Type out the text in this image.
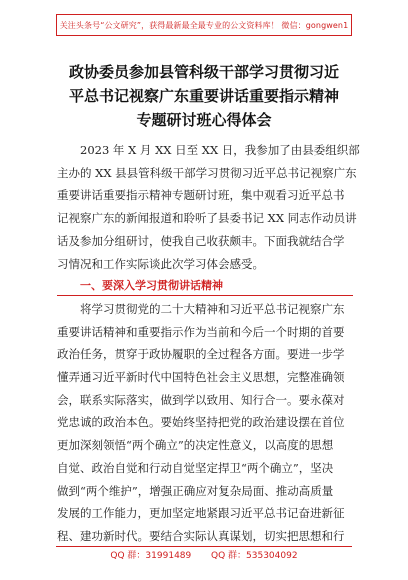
关注头条号“公文研究”，获得最新最全最专业的公文资料库！ 微信：gongwen1
政协委员参加县管科级干部学习贯彻习近
平总书记视察广东重要讲话重要指示精神
专题研讨班心得体会

2023 年 X 月 XX 日至 XX 日，我参加了由县委组织部
主办的 XX 县县管科级干部学习贯彻习近平总书记视察广东
重要讲话重要指示精神专题研讨班，集中观看习近平总书
记视察广东的新闻报道和聆听了县委书记 XX 同志作动员讲
话及参加分组研讨，使我自己收获颇丰。下面我就结合学
习情况和工作实际谈此次学习体会感受。

一、要深入学习贯彻讲话精神

将学习贯彻党的二十大精神和习近平总书记视察广东
重要讲话精神和重要指示作为当前和今后一个时期的首要
政治任务，贯穿于政协履职的全过程各方面。要进一步学
懂弄通习近平新时代中国特色社会主义思想，完整准确领
会，联系实际落实，做到学以致用、知行合一。要永葆对
党忠诚的政治本色。要始终坚持把党的政治建设摆在首位
更加深刻领悟“两个确立”的决定性意义，以高度的思想
自觉、政治自觉和行动自觉坚定捍卫“两个确立”，坚决
做到“两个维护”，增强正确应对复杂局面、推动高质量
发展的工作能力，更加坚定地紧跟习近平总书记奋进新征
程、建功新时代。要结合实际认真谋划，切实把思想和行

QQ 群：31991489 QQ 群：535304092
